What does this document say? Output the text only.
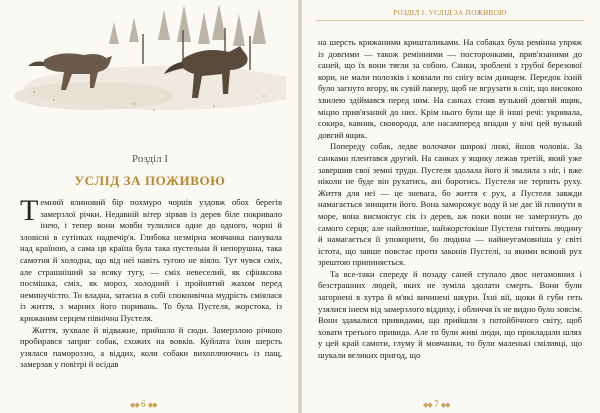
Розділ I
УСЛІД ЗА ПОЖИВОЮ

Темний ялиновий бір похмуро чорнів уздовж обох берегів замерзлої річки. Недавній вітер зірвав із дерев біле покривало інею, і тепер вони мовби тулилися одне до одного, чорні й зловісні в сутінках надвечір'я. Глибока незмірна мовчанка панувала над країною, а сама ця країна була така пустельна й непорушна, така самотня й холодна, що від неї навіть тугою не віяло. Тут чувся сміх, але страшніший за всяку тугу, — сміх невеселий, як сфінксова посмішка, сміх, як мороз, холодний і пройнятий жахом перед неминучістю. То владна, затаєна в собі споконвічна мудрість сміялася із життя, з марних його поривань. То була Пустеля, жорстока, із крижаним серцем північна Пустеля.

Життя, зухвале й відважне, прийшло й сюди. Замерзлою річкою пробирався запряг собак, схожих на вовків. Куйлата їхня шерсть узялася памороззю, а віддих, коли собаки вихоплюючись із пащ, замерзав у повітрі й осідав

◆◆ 6 ◆◆
РОЗДІЛ I. УСЛІД ЗА ПОЖИВОЮ

на шерсть крижаними кришталиками. На собаках була ремінна упряж із довгими — також ремінними — посторонками, прив'язаними до саней, що їх вони тягли за собою. Санки, зроблені з грубої березової кори, не мали полозків і ковзали по снігу всім днищем. Передок їхній було загнуто вгору, як сувій паперу, щоб не вгрузати в сніг, що високою хвилею здіймався перед ним. На санках стояв вузький довгий ящик, міцно прив'язаний до них. Крім нього були ще й інші речі: укривала, сокира, кавник, сковорода, але насамперед впадав у вічі цей вузький довгий ящик.

Попереду собак, ледве волочачи широкі лижі, йшов чоловік. За санками плентався другий. На санках у ящику лежав третій, який уже завершив свої земні труди. Пустеля здолала його й звалила з ніг, і вже ніколи не буде він рухатись, ані боротись. Пустеля не терпить руху. Життя для неї — це зневага, бо життя є рух, а Пустеля завжди намагається знищити його. Вона заморожує воду й не дає їй плинути в море, вона висмоктує сік із дерев, аж поки вони не замерзнуть до самого серця; але найлютіше, найжорстокіше Пустеля гнітить людину й намагається її упокорити, бо людина — найнеугамовніша у світі істота, що завше повстає проти законів Пустелі, за якими всякий рух зрештою припиняється.

Та все-таки спереду й позаду саней ступало двоє негамовних і безстрашних людей, яких не зуміла здолати смерть. Вони були загорнені в хутра й м'які вичинені шкури. Їхні вії, щоки й губи геть узялися інеєм від замерзлого віддиху, і обличчя їх не видно було зовсім. Вони здавалися привидами, що прийшли з потойбічного світу, щоб ховати третього привида. Але то були живі люди, що прокладали шлях у цей край самоти, глуму й мовчанки, то були маленькі сміливці, що шукали великих пригод, що

◆◆ 7 ◆◆
